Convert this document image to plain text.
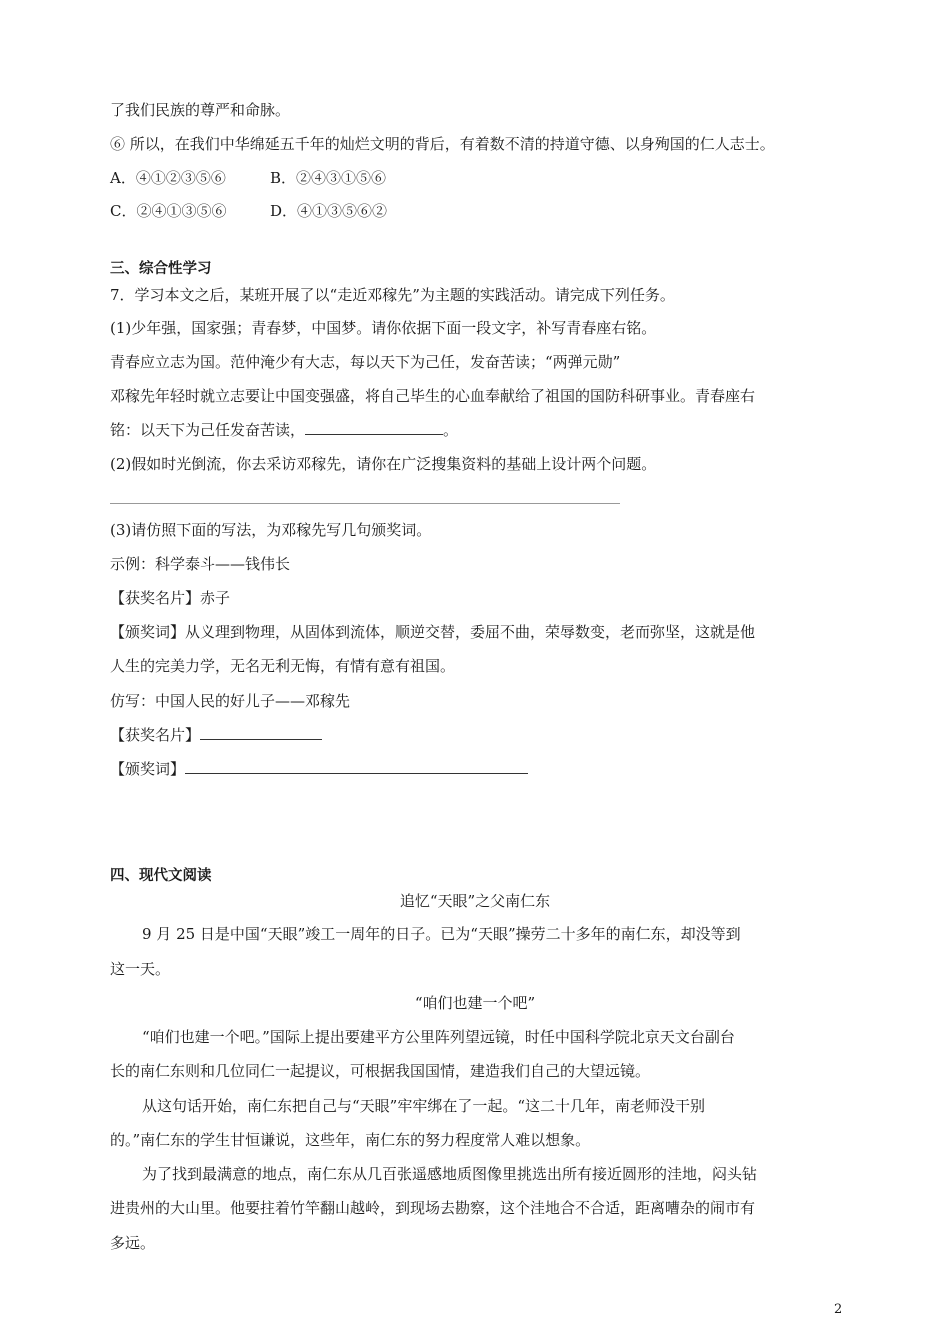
了我们民族的尊严和命脉。
⑥ 所以，在我们中华绵延五千年的灿烂文明的背后，有着数不清的持道守德、以身殉国的仁人志士。
A．④①②③⑤⑥	B．②④③①⑤⑥
C．②④①③⑤⑥	D．④①③⑤⑥②
三、综合性学习
7．学习本文之后，某班开展了以“走近邓稼先”为主题的实践活动。请完成下列任务。
(1)少年强，国家强；青春梦，中国梦。请你依据下面一段文字，补写青春座右铭。
青春应立志为国。范仲淹少有大志，每以天下为己任，发奋苦读；“两弹元勋”
邓稼先年轻时就立志要让中国变强盛，将自己毕生的心血奉献给了祖国的国防科研事业。青春座右
铭：以天下为己任发奋苦读，	。
(2)假如时光倒流，你去采访邓稼先，请你在广泛搜集资料的基础上设计两个问题。
(3)请仿照下面的写法，为邓稼先写几句颁奖词。
示例：科学泰斗——钱伟长
【获奖名片】赤子
【颁奖词】从义理到物理，从固体到流体，顺逆交替，委屈不曲，荣辱数变，老而弥坚，这就是他
人生的完美力学，无名无利无悔，有情有意有祖国。
仿写：中国人民的好儿子——邓稼先
【获奖名片】
【颁奖词】
四、现代文阅读
追忆“天眼”之父南仁东
9 月 25 日是中国“天眼”竣工一周年的日子。已为“天眼”操劳二十多年的南仁东，却没等到
这一天。
“咱们也建一个吧”
“咱们也建一个吧。”国际上提出要建平方公里阵列望远镜，时任中国科学院北京天文台副台
长的南仁东则和几位同仁一起提议，可根据我国国情，建造我们自己的大望远镜。
从这句话开始，南仁东把自己与“天眼”牢牢绑在了一起。“这二十几年，南老师没干别
的。”南仁东的学生甘恒谦说，这些年，南仁东的努力程度常人难以想象。
为了找到最满意的地点，南仁东从几百张遥感地质图像里挑选出所有接近圆形的洼地，闷头钻
进贵州的大山里。他要拄着竹竿翻山越岭，到现场去勘察，这个洼地合不合适，距离嘈杂的闹市有
多远。
2
